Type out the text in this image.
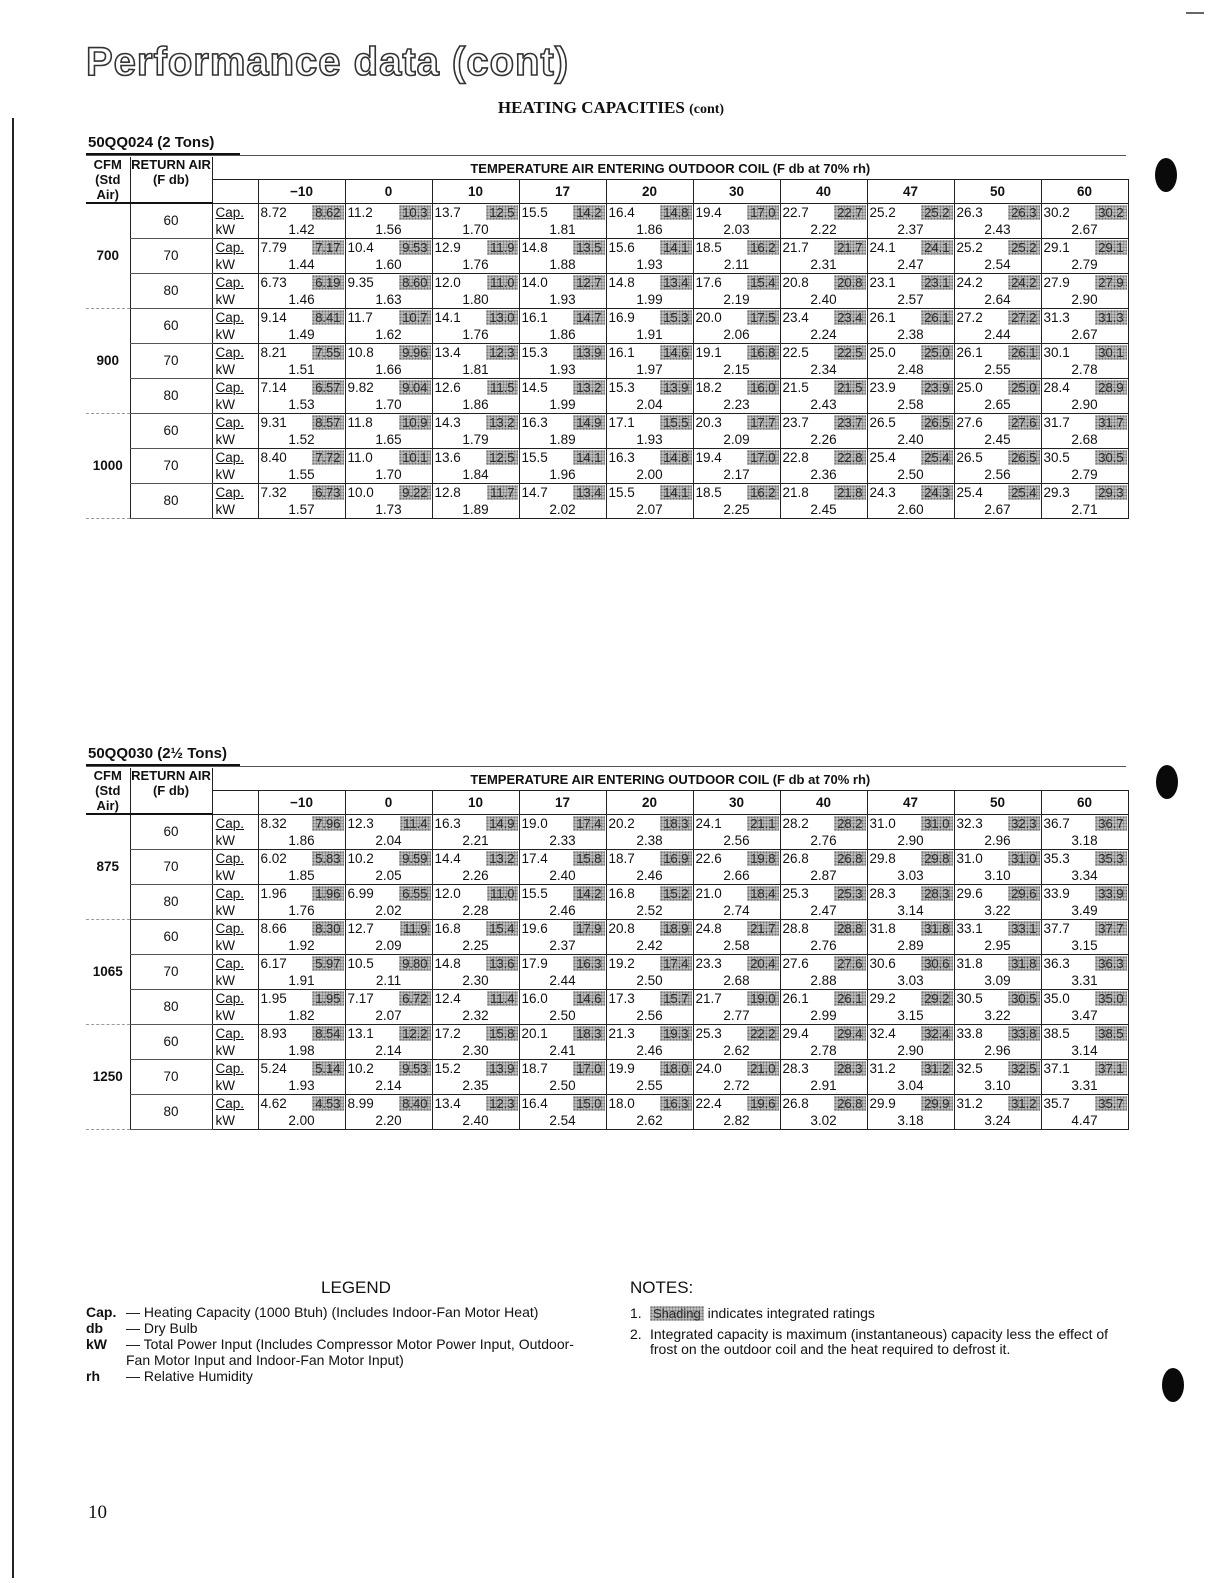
Performance data (cont)
HEATING CAPACITIES (cont)
50QQ024 (2 Tons)
CFM (Std Air)	RETURN AIR (F db)	TEMPERATURE AIR ENTERING OUTDOOR COIL (F db at 70% rh)										
			−10	0	10	17	20	30	40	47	50	60
700	60	Cap.	8.72 8.62	11.2 10.3	13.7 12.5	15.5 14.2	16.4 14.8	19.4 17.0	22.7 22.7	25.2 25.2	26.3 26.3	30.2 30.2

		kW	1.42	1.56	1.70	1.81	1.86	2.03	2.22	2.37	2.43	2.67

	70	Cap.	7.79 7.17	10.4 9.53	12.9 11.9	14.8 13.5	15.6 14.1	18.5 16.2	21.7 21.7	24.1 24.1	25.2 25.2	29.1 29.1

		kW	1.44	1.60	1.76	1.88	1.93	2.11	2.31	2.47	2.54	2.79

	80	Cap.	6.73 6.19	9.35 8.60	12.0 11.0	14.0 12.7	14.8 13.4	17.6 15.4	20.8 20.8	23.1 23.1	24.2 24.2	27.9 27.9

		kW	1.46	1.63	1.80	1.93	1.99	2.19	2.40	2.57	2.64	2.90

900	60	Cap.	9.14 8.41	11.7 10.7	14.1 13.0	16.1 14.7	16.9 15.3	20.0 17.5	23.4 23.4	26.1 26.1	27.2 27.2	31.3 31.3

		kW	1.49	1.62	1.76	1.86	1.91	2.06	2.24	2.38	2.44	2.67

	70	Cap.	8.21 7.55	10.8 9.96	13.4 12.3	15.3 13.9	16.1 14.6	19.1 16.8	22.5 22.5	25.0 25.0	26.1 26.1	30.1 30.1

		kW	1.51	1.66	1.81	1.93	1.97	2.15	2.34	2.48	2.55	2.78

	80	Cap.	7.14 6.57	9.82 9.04	12.6 11.5	14.5 13.2	15.3 13.9	18.2 16.0	21.5 21.5	23.9 23.9	25.0 25.0	28.4 28.9

		kW	1.53	1.70	1.86	1.99	2.04	2.23	2.43	2.58	2.65	2.90

1000	60	Cap.	9.31 8.57	11.8 10.9	14.3 13.2	16.3 14.9	17.1 15.5	20.3 17.7	23.7 23.7	26.5 26.5	27.6 27.6	31.7 31.7

		kW	1.52	1.65	1.79	1.89	1.93	2.09	2.26	2.40	2.45	2.68

	70	Cap.	8.40 7.72	11.0 10.1	13.6 12.5	15.5 14.1	16.3 14.8	19.4 17.0	22.8 22.8	25.4 25.4	26.5 26.5	30.5 30.5

		kW	1.55	1.70	1.84	1.96	2.00	2.17	2.36	2.50	2.56	2.79

	80	Cap.	7.32 6.73	10.0 9.22	12.8 11.7	14.7 13.4	15.5 14.1	18.5 16.2	21.8 21.8	24.3 24.3	25.4 25.4	29.3 29.3

		kW	1.57	1.73	1.89	2.02	2.07	2.25	2.45	2.60	2.67	2.71
50QQ030 (2½ Tons)
CFM (Std Air)	RETURN AIR (F db)	TEMPERATURE AIR ENTERING OUTDOOR COIL (F db at 70% rh)										
			−10	0	10	17	20	30	40	47	50	60
875	60	Cap.	8.32 7.96	12.3 11.4	16.3 14.9	19.0 17.4	20.2 18.3	24.1 21.1	28.2 28.2	31.0 31.0	32.3 32.3	36.7 36.7

		kW	1.86	2.04	2.21	2.33	2.38	2.56	2.76	2.90	2.96	3.18

	70	Cap.	6.02 5.83	10.2 9.59	14.4 13.2	17.4 15.8	18.7 16.9	22.6 19.8	26.8 26.8	29.8 29.8	31.0 31.0	35.3 35.3

		kW	1.85	2.05	2.26	2.40	2.46	2.66	2.87	3.03	3.10	3.34

	80	Cap.	1.96 1.96	6.99 6.55	12.0 11.0	15.5 14.2	16.8 15.2	21.0 18.4	25.3 25.3	28.3 28.3	29.6 29.6	33.9 33.9

		kW	1.76	2.02	2.28	2.46	2.52	2.74	2.47	3.14	3.22	3.49

1065	60	Cap.	8.66 8.30	12.7 11.9	16.8 15.4	19.6 17.9	20.8 18.9	24.8 21.7	28.8 28.8	31.8 31.8	33.1 33.1	37.7 37.7

		kW	1.92	2.09	2.25	2.37	2.42	2.58	2.76	2.89	2.95	3.15

	70	Cap.	6.17 5.97	10.5 9.80	14.8 13.6	17.9 16.3	19.2 17.4	23.3 20.4	27.6 27.6	30.6 30.6	31.8 31.8	36.3 36.3

		kW	1.91	2.11	2.30	2.44	2.50	2.68	2.88	3.03	3.09	3.31

	80	Cap.	1.95 1.95	7.17 6.72	12.4 11.4	16.0 14.6	17.3 15.7	21.7 19.0	26.1 26.1	29.2 29.2	30.5 30.5	35.0 35.0

		kW	1.82	2.07	2.32	2.50	2.56	2.77	2.99	3.15	3.22	3.47

1250	60	Cap.	8.93 8.54	13.1 12.2	17.2 15.8	20.1 18.3	21.3 19.3	25.3 22.2	29.4 29.4	32.4 32.4	33.8 33.8	38.5 38.5

		kW	1.98	2.14	2.30	2.41	2.46	2.62	2.78	2.90	2.96	3.14

	70	Cap.	5.24 5.14	10.2 9.53	15.2 13.9	18.7 17.0	19.9 18.0	24.0 21.0	28.3 28.3	31.2 31.2	32.5 32.5	37.1 37.1

		kW	1.93	2.14	2.35	2.50	2.55	2.72	2.91	3.04	3.10	3.31

	80	Cap.	4.62 4.53	8.99 8.40	13.4 12.3	16.4 15.0	18.0 16.3	22.4 19.6	26.8 26.8	29.9 29.9	31.2 31.2	35.7 35.7

		kW	2.00	2.20	2.40	2.54	2.62	2.82	3.02	3.18	3.24	4.47
LEGEND
Cap. — Heating Capacity (1000 Btuh) (Includes Indoor-Fan Motor Heat)
db	— Dry Bulb
kW	— Total Power Input (Includes Compressor Motor Power Input, Outdoor-Fan Motor Input and Indoor-Fan Motor Input)
rh	— Relative Humidity
NOTES:
1. Shading indicates integrated ratings
2. Integrated capacity is maximum (instantaneous) capacity less the effect of frost on the outdoor coil and the heat required to defrost it.
10
